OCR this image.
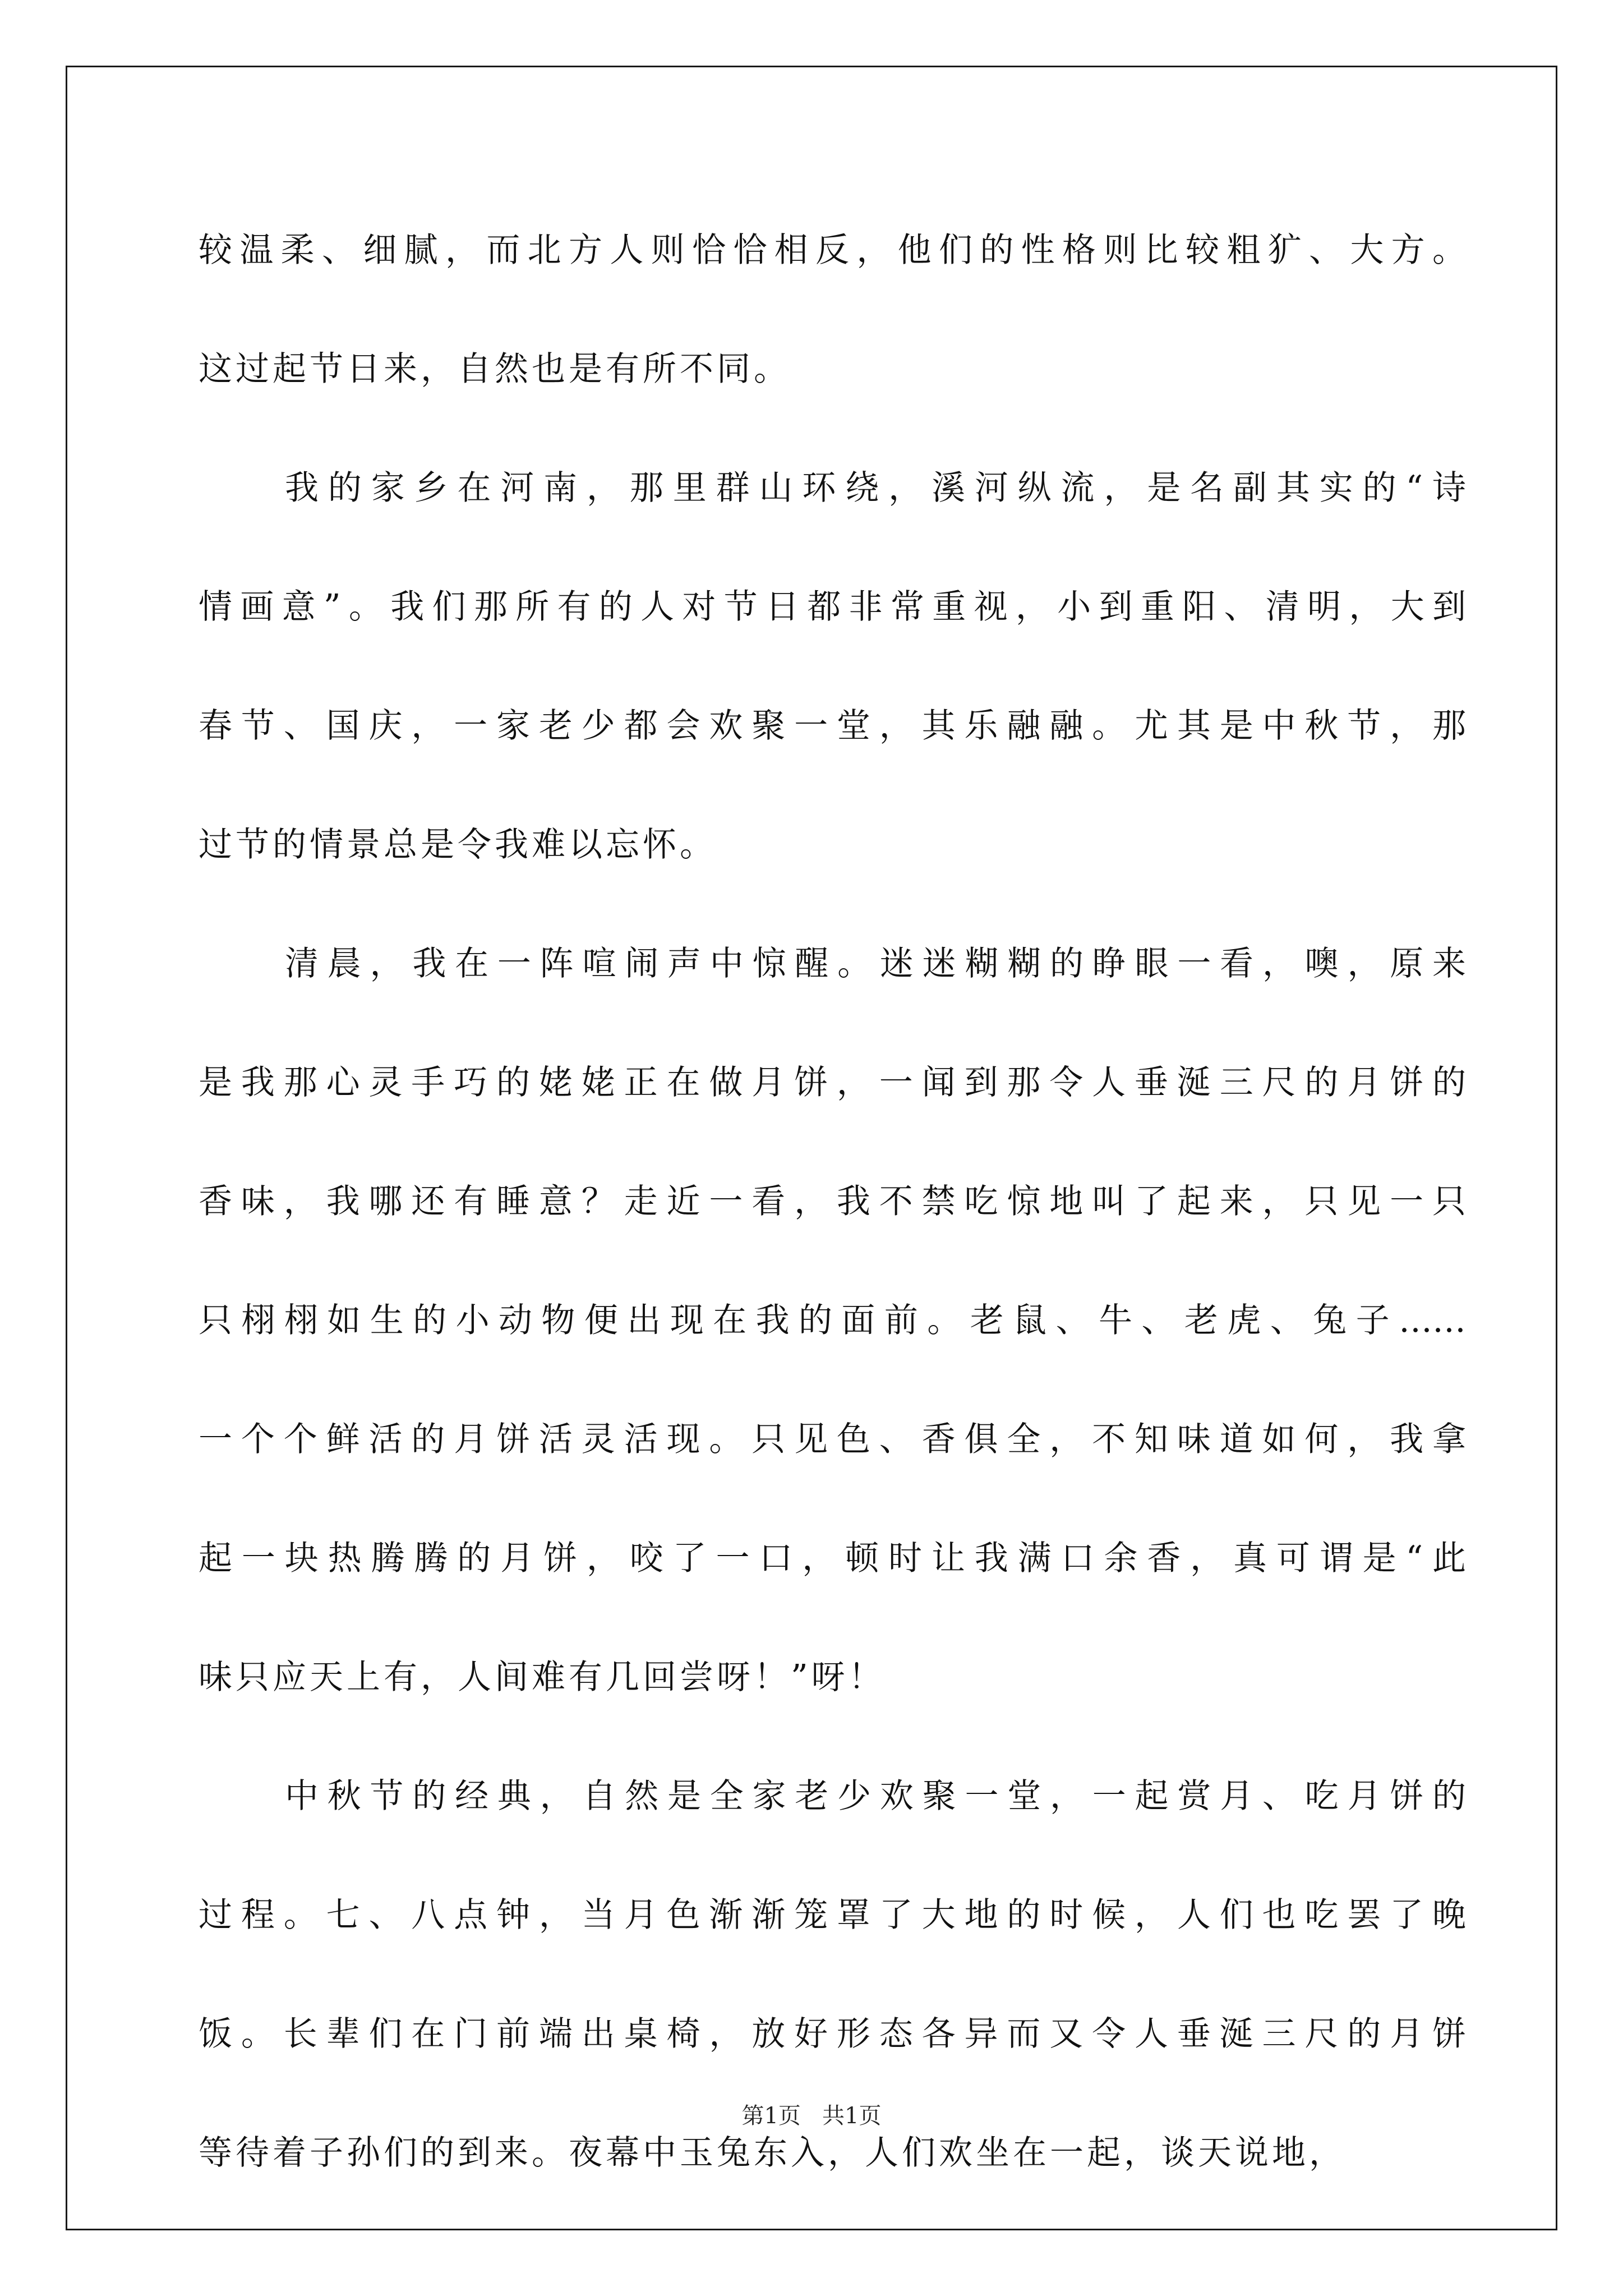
较温柔、细腻，而北方人则恰恰相反，他们的性格则比较粗犷、大方。
这过起节日来，自然也是有所不同。
我的家乡在河南，那里群山环绕，溪河纵流，是名副其实的“诗
情画意”。我们那所有的人对节日都非常重视，小到重阳、清明，大到
春节、国庆，一家老少都会欢聚一堂，其乐融融。尤其是中秋节，那
过节的情景总是令我难以忘怀。
清晨，我在一阵喧闹声中惊醒。迷迷糊糊的睁眼一看，噢，原来
是我那心灵手巧的姥姥正在做月饼，一闻到那令人垂涎三尺的月饼的
香味，我哪还有睡意？走近一看，我不禁吃惊地叫了起来，只见一只
只栩栩如生的小动物便出现在我的面前。老鼠、牛、老虎、兔子……
一个个鲜活的月饼活灵活现。只见色、香俱全，不知味道如何，我拿
起一块热腾腾的月饼，咬了一口，顿时让我满口余香，真可谓是“此
味只应天上有，人间难有几回尝呀！”呀！
中秋节的经典，自然是全家老少欢聚一堂，一起赏月、吃月饼的
过程。七、八点钟，当月色渐渐笼罩了大地的时候，人们也吃罢了晚
饭。长辈们在门前端出桌椅，放好形态各异而又令人垂涎三尺的月饼
等待着子孙们的到来。夜幕中玉兔东入，人们欢坐在一起，谈天说地，
第1页   共1页
